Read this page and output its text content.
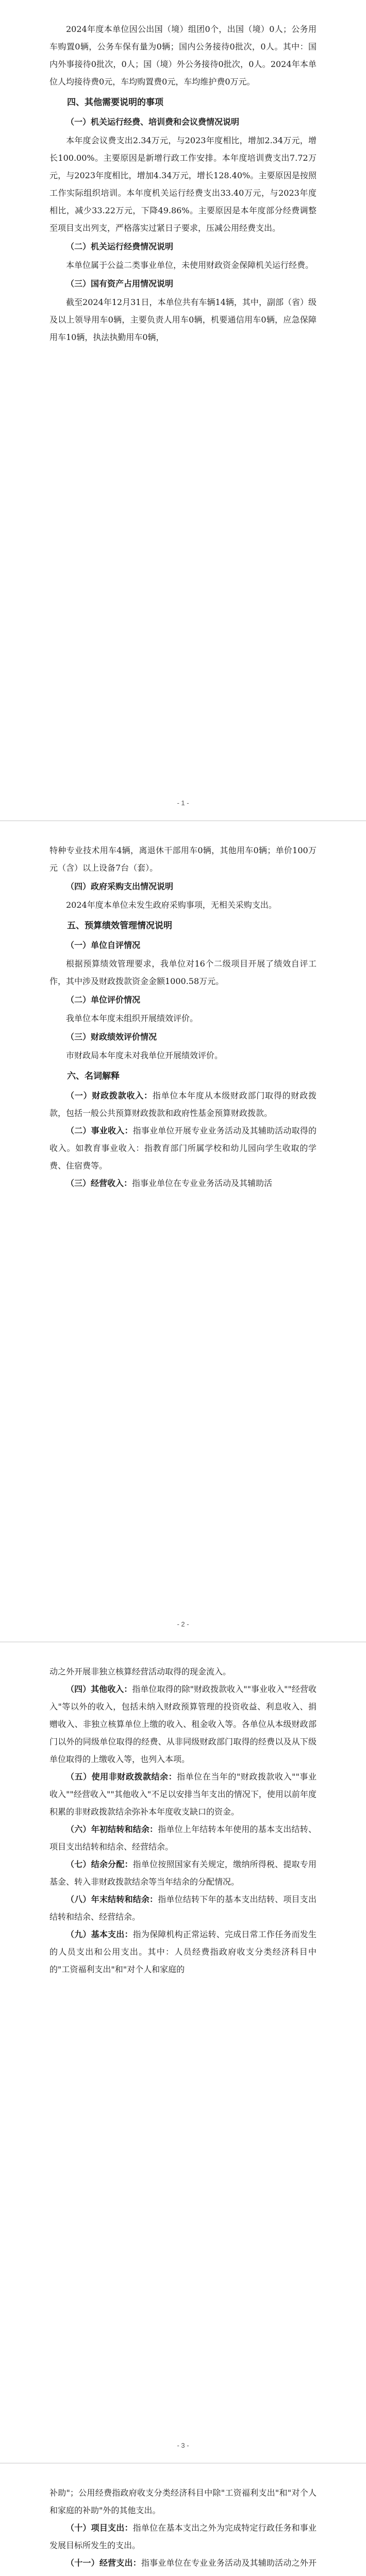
2024年度本单位因公出国（境）组团0个，出国（境）0人；公务用车购置0辆，公务车保有量为0辆；国内公务接待0批次，0人。其中：国内外事接待0批次，0人；国（境）外公务接待0批次，0人。2024年本单位人均接待费0元，车均购置费0元，车均维护费0万元。

四、其他需要说明的事项
（一）机关运行经费、培训费和会议费情况说明

本年度会议费支出2.34万元，与2023年度相比，增加2.34万元，增长100.00%。主要原因是新增行政工作安排。本年度培训费支出7.72万元，与2023年度相比，增加4.34万元，增长128.40%。主要原因是按照工作实际组织培训。本年度机关运行经费支出33.40万元，与2023年度相比，减少33.22万元，下降49.86%。主要原因是本年度部分经费调整至项目支出列支，严格落实过紧日子要求，压减公用经费支出。

（二）机关运行经费情况说明

本单位属于公益二类事业单位，未使用财政资金保障机关运行经费。

（三）国有资产占用情况说明

截至2024年12月31日，本单位共有车辆14辆，其中，副部（省）级及以上领导用车0辆，主要负责人用车0辆，机要通信用车0辆，应急保障用车10辆，执法执勤用车0辆，

- 1 -

特种专业技术用车4辆，离退休干部用车0辆，其他用车0辆；单价100万元（含）以上设备7台（套）。

（四）政府采购支出情况说明

2024年度本单位未发生政府采购事项，无相关采购支出。

五、预算绩效管理情况说明
（一）单位自评情况

根据预算绩效管理要求，我单位对16个二级项目开展了绩效自评工作，其中涉及财政拨款资金金额1000.58万元。

（二）单位评价情况

我单位本年度未组织开展绩效评价。

（三）财政绩效评价情况

市财政局本年度未对我单位开展绩效评价。

六、名词解释

（一）财政拨款收入：指单位本年度从本级财政部门取得的财政拨款，包括一般公共预算财政拨款和政府性基金预算财政拨款。

（二）事业收入：指事业单位开展专业业务活动及其辅助活动取得的收入。如教育事业收入：指教育部门所属学校和幼儿园向学生收取的学费、住宿费等。

（三）经营收入：指事业单位在专业业务活动及其辅助活

- 2 -

动之外开展非独立核算经营活动取得的现金流入。

（四）其他收入：指单位取得的除"财政拨款收入""事业收入""经营收入"等以外的收入，包括未纳入财政预算管理的投资收益、利息收入、捐赠收入、非独立核算单位上缴的收入、租金收入等。各单位从本级财政部门以外的同级单位取得的经费、从非同级财政部门取得的经费以及从下级单位取得的上缴收入等，也列入本项。

（五）使用非财政拨款结余：指单位在当年的"财政拨款收入""事业收入""经营收入""其他收入"不足以安排当年支出的情况下，使用以前年度积累的非财政拨款结余弥补本年度收支缺口的资金。

（六）年初结转和结余：指单位上年结转本年使用的基本支出结转、项目支出结转和结余、经营结余。

（七）结余分配：指单位按照国家有关规定，缴纳所得税、提取专用基金、转入非财政拨款结余等当年结余的分配情况。

（八）年末结转和结余：指单位结转下年的基本支出结转、项目支出结转和结余、经营结余。

（九）基本支出：指为保障机构正常运转、完成日常工作任务而发生的人员支出和公用支出。其中：人员经费指政府收支分类经济科目中的"工资福利支出"和"对个人和家庭的

- 3 -

补助"；公用经费指政府收支分类经济科目中除"工资福利支出"和"对个人和家庭的补助"外的其他支出。

（十）项目支出：指单位在基本支出之外为完成特定行政任务和事业发展目标所发生的支出。

（十一）经营支出：指事业单位在专业业务活动及其辅助活动之外开
